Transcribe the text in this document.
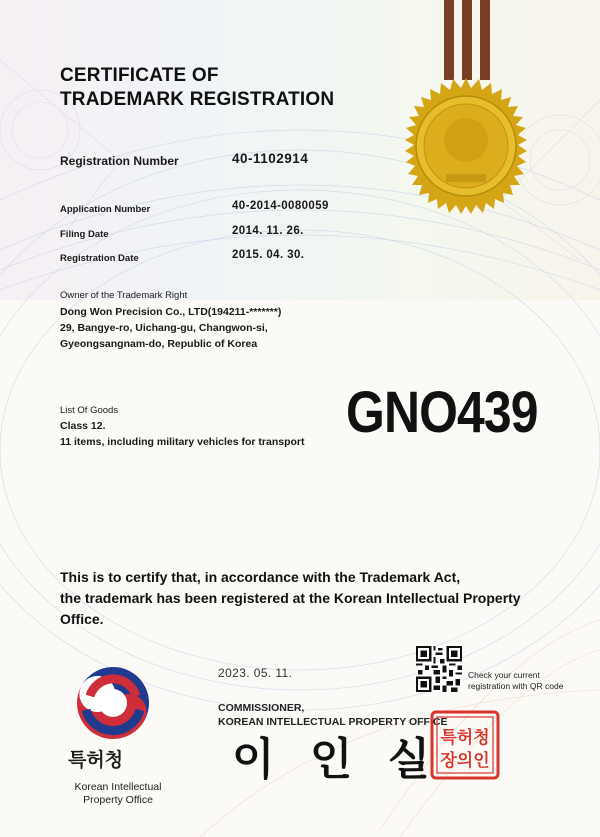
CERTIFICATE OF
TRADEMARK REGISTRATION
Registration Number	40-1102914
Application Number	40-2014-0080059
Filing Date	2014. 11. 26.
Registration Date	2015. 04. 30.
Owner of the Trademark Right
Dong Won Precision Co., LTD(194211-*******)
29, Bangye-ro, Uichang-gu, Changwon-si,
Gyeongsangnam-do, Republic of Korea
List Of Goods
Class 12.
11 items, including military vehicles for transport GNO439
This is to certify that, in accordance with the Trademark Act,
the trademark has been registered at the Korean Intellectual Property
Office.
2023. 05. 11.	Check your current
registration with QR code
COMMISSIONER,
KOREAN INTELLECTUAL PROPERTY OFFICE
이 인 실 특허청
장의인
특허청
Korean Intellectual
Property Office
